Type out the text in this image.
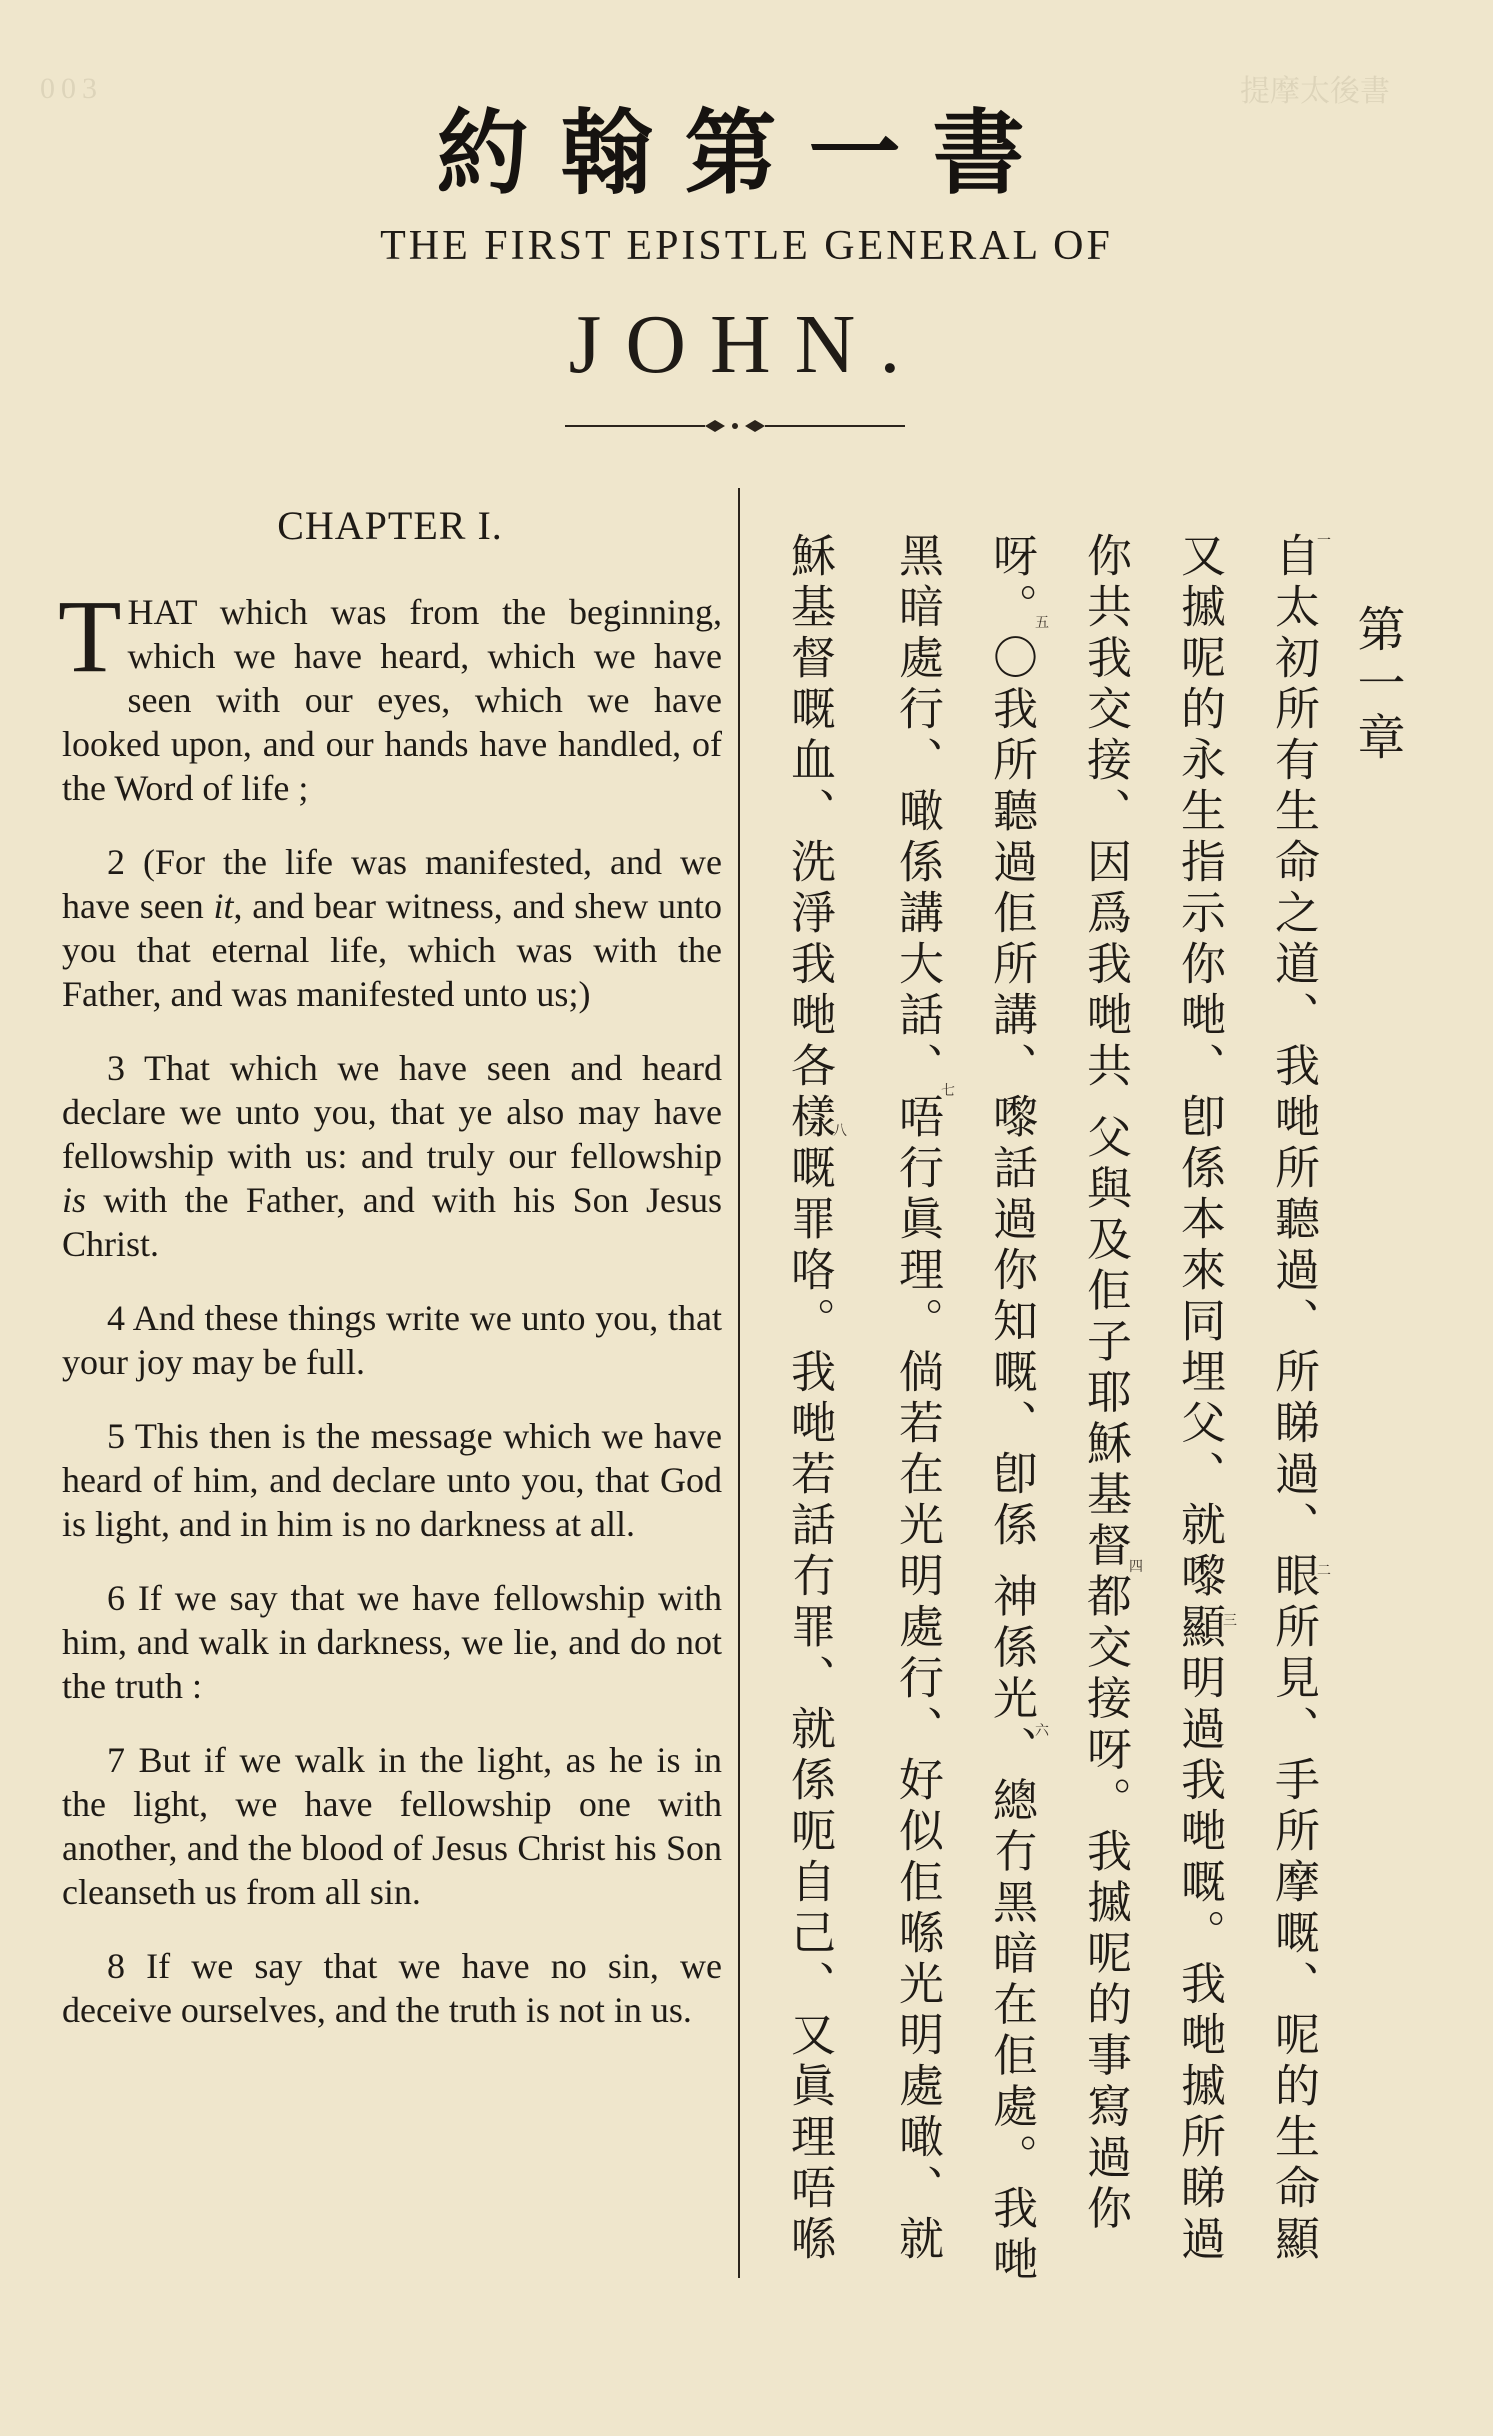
003	提摩太後書
約翰第一書
THE FIRST EPISTLE GENERAL OF
JOHN.
CHAPTER I.

THAT which was from the beginning, which we have heard, which we have seen with our eyes, which we have looked upon, and our hands have handled, of the Word of life ;

2 (For the life was manifested, and we have seen it, and bear witness, and shew unto you that eternal life, which was with the Father, and was manifested unto us;)

3 That which we have seen and heard declare we unto you, that ye also may have fellowship with us: and truly our fellowship is with the Father, and with his Son Jesus Christ.

4 And these things write we unto you, that your joy may be full.

5 This then is the message which we have heard of him, and declare unto you, that God is light, and in him is no darkness at all.

6 If we say that we have fellowship with him, and walk in darkness, we lie, and do not the truth :

7 But if we walk in the light, as he is in the light, we have fellowship one with another, and the blood of Jesus Christ his Son cleanseth us from all sin.

8 If we say that we have no sin, we deceive ourselves, and the truth is not in us.

第一章
自太初所有生命之道、我哋所聽過、所睇過、眼所見、手所摩嘅、呢的生命顯
又摵呢的永生指示你哋、卽係本來同埋父、就嚟顯明過我哋嘅。我哋摵所睇過
你共我交接、因爲我哋共 父與及佢子耶穌基督都交接呀。我摵呢的事寫過你
呀。〇我所聽過佢所講、嚟話過你知嘅、卽係 神係光、總冇黑暗在佢處。我哋
黑暗處行、噉係講大話、唔行眞理。倘若在光明處行、好似佢喺光明處噉、就
穌基督嘅血、洗淨我哋各樣嘅罪咯。我哋若話冇罪、就係呃自己、又眞理唔喺
一
二
三
四
五
六
七
八
